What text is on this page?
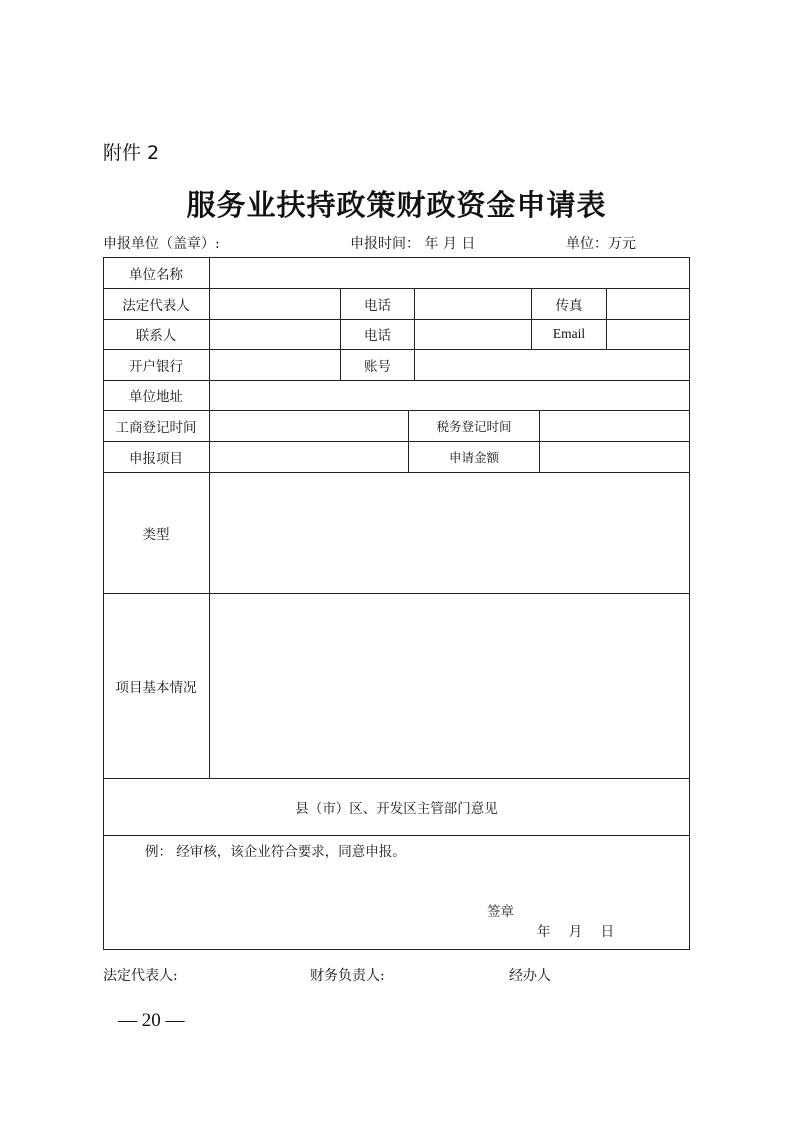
附件 2
服务业扶持政策财政资金申请表
申报单位（盖章）:	申报时间： 年 月 日	单位：万元
单位名称
法定代表人	电话	传真
联系人	电话	Email
开户银行	账号
单位地址
工商登记时间	税务登记时间
申报项目	申请金额
类型
项目基本情况
县（市）区、开发区主管部门意见
例： 经审核，该企业符合要求，同意申报。
签章
年 月 日
法定代表人:	财务负责人:	经办人
— 20 —
